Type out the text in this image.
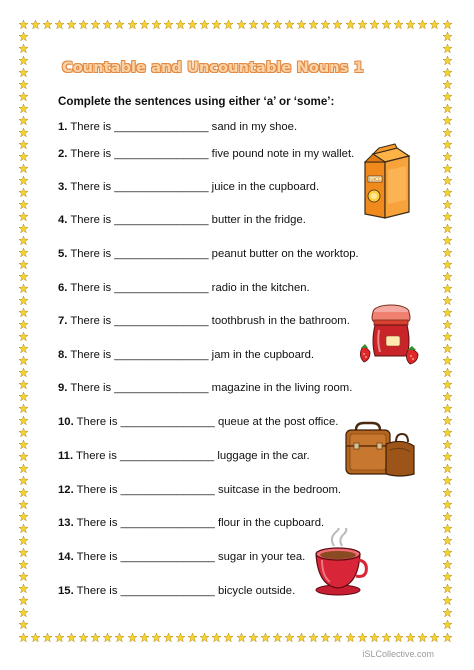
Countable and Uncountable Nouns 1

Complete the sentences using either ‘a’ or ‘some’:

1. There is _______________ sand in my shoe.

2. There is _______________ five pound note in my wallet.

3. There is _______________ juice in the cupboard.

4. There is _______________ butter in the fridge.

5. There is _______________ peanut butter on the worktop.

6. There is _______________ radio in the kitchen.

7. There is _______________ toothbrush in the bathroom.

8. There is _______________ jam in the cupboard.

9. There is _______________ magazine in the living room.

10. There is _______________ queue at the post office.

11. There is _______________ luggage in the car.

12. There is _______________ suitcase in the bedroom.

13. There is _______________ flour in the cupboard.

14. There is _______________ sugar in your tea.

15. There is _______________ bicycle outside.

JUICE
iSLCollective.com
